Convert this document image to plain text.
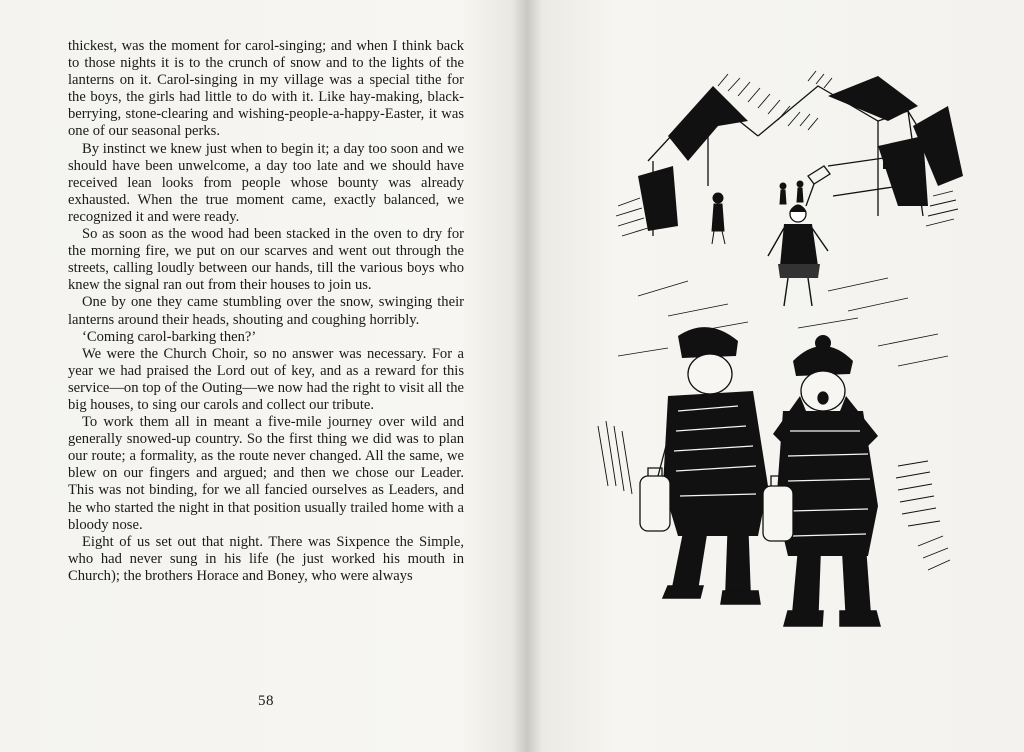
thickest, was the moment for carol-singing; and when I think back to those nights it is to the crunch of snow and to the lights of the lanterns on it. Carol-singing in my village was a special tithe for the boys, the girls had little to do with it. Like hay-making, black-berrying, stone-clearing and wishing-people-a-happy-Easter, it was one of our seasonal perks.

By instinct we knew just when to begin it; a day too soon and we should have been unwelcome, a day too late and we should have received lean looks from people whose bounty was already exhausted. When the true moment came, exactly balanced, we recognized it and were ready.

So as soon as the wood had been stacked in the oven to dry for the morning fire, we put on our scarves and went out through the streets, calling loudly between our hands, till the various boys who knew the signal ran out from their houses to join us.

One by one they came stumbling over the snow, swinging their lanterns around their heads, shouting and coughing horribly.

‘Coming carol-barking then?’

We were the Church Choir, so no answer was necessary. For a year we had praised the Lord out of key, and as a reward for this service—on top of the Outing—we now had the right to visit all the big houses, to sing our carols and collect our tribute.

To work them all in meant a five-mile journey over wild and generally snowed-up country. So the first thing we did was to plan our route; a formality, as the route never changed. All the same, we blew on our fingers and argued; and then we chose our Leader. This was not binding, for we all fancied ourselves as Leaders, and he who started the night in that position usually trailed home with a bloody nose.

Eight of us set out that night. There was Sixpence the Simple, who had never sung in his life (he just worked his mouth in Church); the brothers Horace and Boney, who were always

58
